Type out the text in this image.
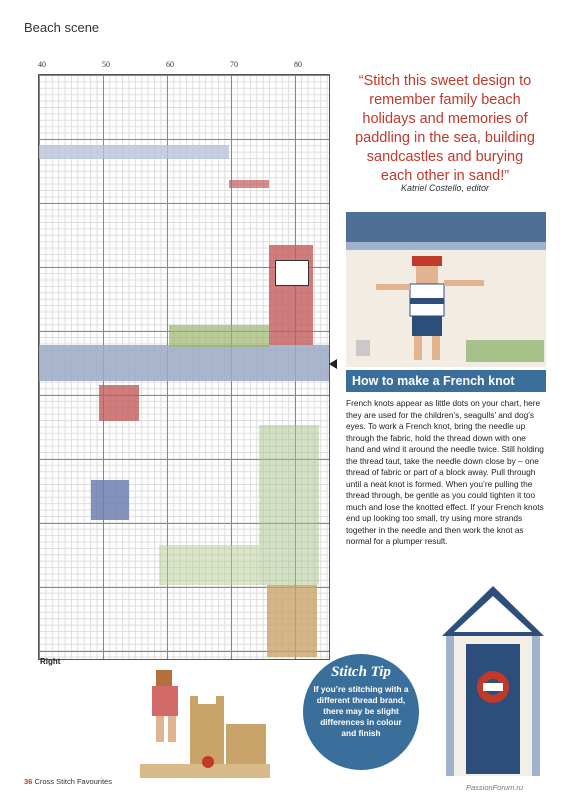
Beach scene
40	50	60	70	80
Right
“Stitch this sweet design to remember family beach holidays and memories of paddling in the sea, building sandcastles and burying each other in sand!”
Katriel Costello, editor
How to make a French knot
French knots appear as little dots on your chart, here they are used for the children’s, seagulls’ and dog’s eyes. To work a French knot, bring the needle up through the fabric, hold the thread down with one hand and wind it around the needle twice. Still holding the thread taut, take the needle down close by – one thread of fabric or part of a block away. Pull through until a neat knot is formed. When you’re pulling the thread through, be gentle as you could tighten it too much and lose the knotted effect. If your French knots end up looking too small, try using more strands together in the needle and then work the knot as normal for a plumper result.
Stitch Tip
If you’re stitching with a different thread brand, there may be slight differences in colour and finish
36 Cross Stitch Favourites
PassionForum.ru
